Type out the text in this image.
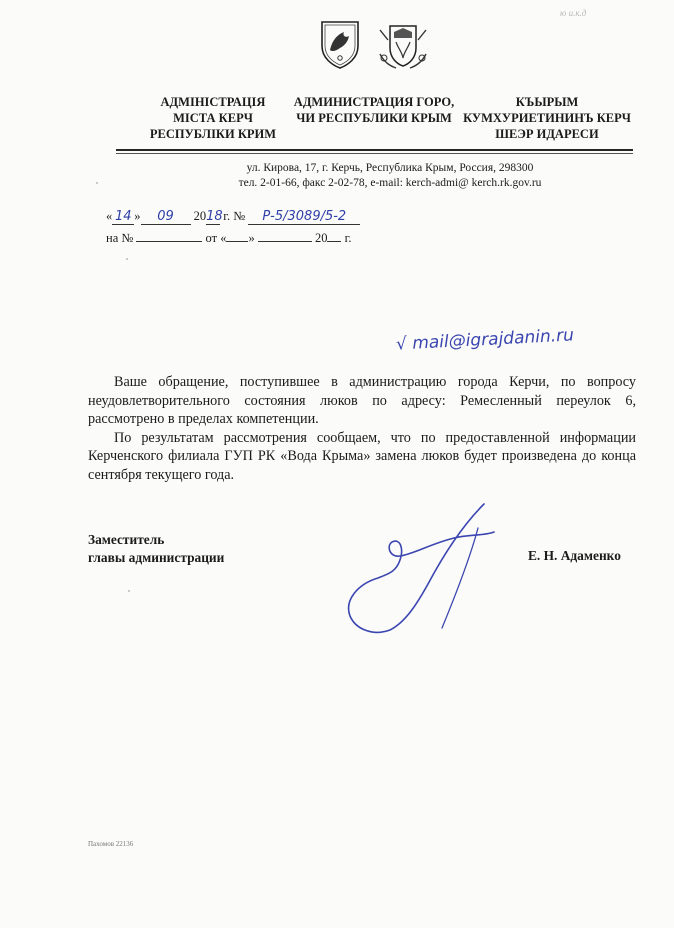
ю и.к.д
АДМІНІСТРАЦІЯ
МІСТА КЕРЧ
РЕСПУБЛІКИ КРИМ
АДМИНИСТРАЦИЯ ГОРО,
ЧИ РЕСПУБЛИКИ КРЫМ
КЪЫРЫМ
КУМХУРИЕТИНИНЪ КЕРЧ
ШЕЭР ИДАРЕСИ
ул. Кирова, 17, г. Керчь, Республика Крым, Россия, 298300
тел. 2-01-66, факс 2-02-78, e-mail: kerch-admi@ kerch.rk.gov.ru
« 14 » 09 2018 г. № Р-5/3089/5-2
на №	от « »	20 г.
√ mail@igrajdanin.ru

Ваше обращение, поступившее в администрацию города Керчи, по вопросу неудовлетворительного состояния люков по адресу: Ремесленный переулок 6, рассмотрено в пределах компетенции.

По результатам рассмотрения сообщаем, что по предоставленной информации Керченского филиала ГУП РК «Вода Крыма» замена люков будет произведена до конца сентября текущего года.

Заместитель
главы администрации	Е. Н. Адаменко
Пахомов 22136
